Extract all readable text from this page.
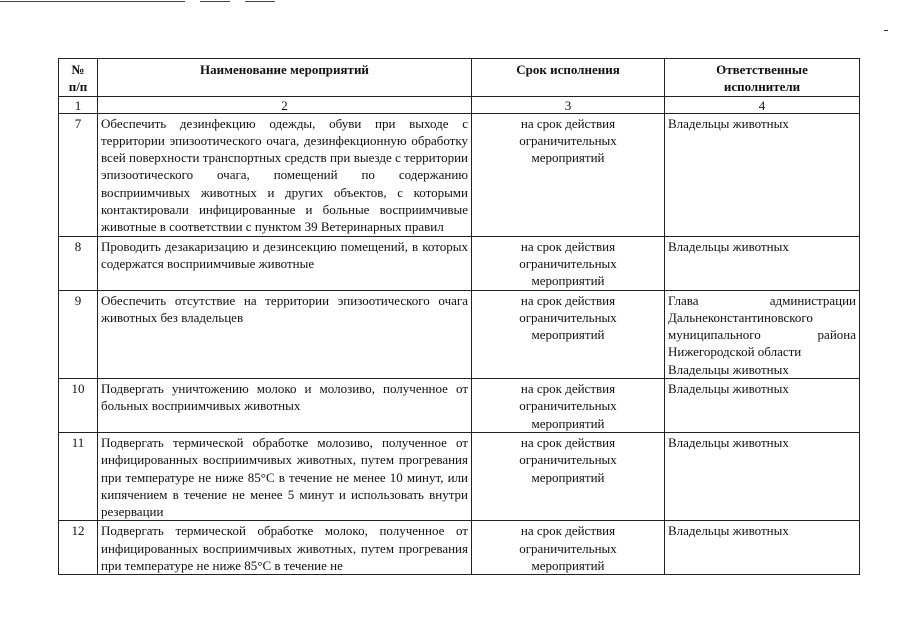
№ п/п	Наименование мероприятий	Срок исполнения	Ответственные исполнители

1	2	3	4
7	Обеспечить дезинфекцию одежды, обуви при выходе с территории эпизоотического очага, дезинфекционную обработку всей поверхности транспортных средств при выезде с территории эпизоотического очага, помещений по содержанию восприимчивых животных и других объектов, с которыми контактировали инфицированные и больные восприимчивые животные в соответствии с пунктом 39 Ветеринарных правил	на срок действия ограничительных мероприятий	Владельцы животных

8	Проводить дезакаризацию и дезинсекцию помещений, в которых содержатся восприимчивые животные	на срок действия ограничительных мероприятий	Владельцы животных

9	Обеспечить отсутствие на территории эпизоотического очага животных без владельцев	на срок действия ограничительных мероприятий	Глава администрации
Дальнеконстантиновского
муниципального района
Нижегородской области
Владельцы животных

10	Подвергать уничтожению молоко и молозиво, полученное от больных восприимчивых животных	на срок действия ограничительных мероприятий	Владельцы животных

11	Подвергать термической обработке молозиво, полученное от инфицированных восприимчивых животных, путем прогревания при температуре не ниже 85°С в течение не менее 10 минут, или кипячением в течение не менее 5 минут и использовать внутри резервации	на срок действия ограничительных мероприятий	Владельцы животных

12	Подвергать термической обработке молоко, полученное от инфицированных восприимчивых животных, путем прогревания при температуре не ниже 85°С в течение не	на срок действия ограничительных мероприятий	Владельцы животных
